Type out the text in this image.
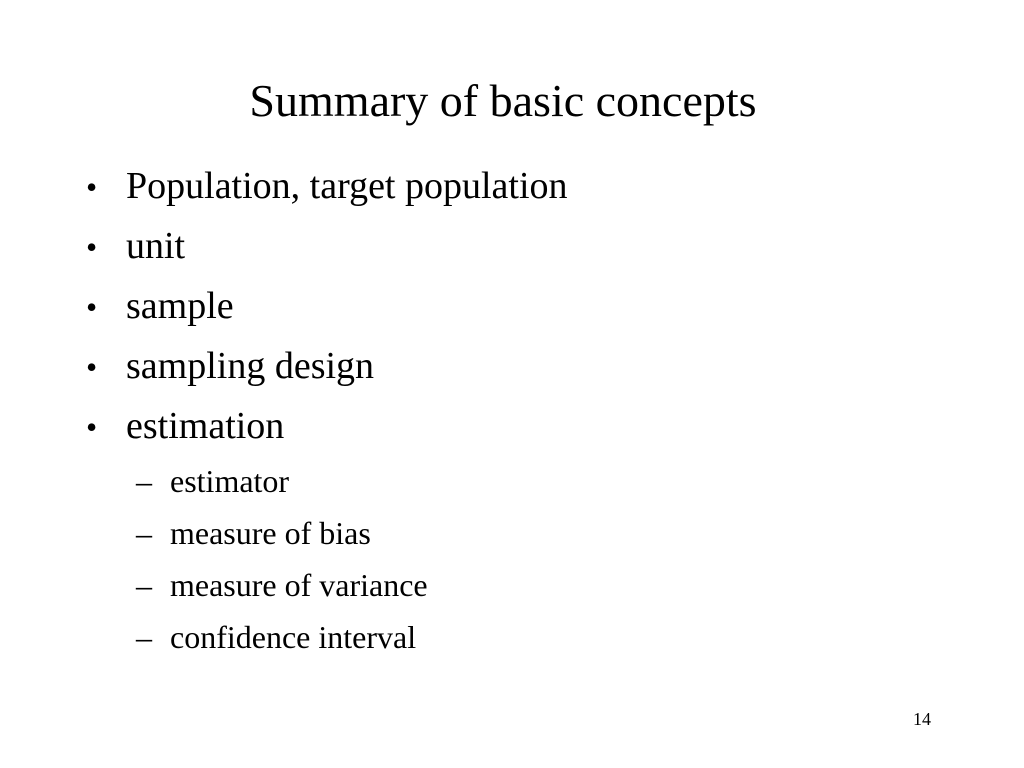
Summary of basic concepts
• Population, target population
• unit
• sample
• sampling design
• estimation
– estimator
– measure of bias
– measure of variance
– confidence interval
14
